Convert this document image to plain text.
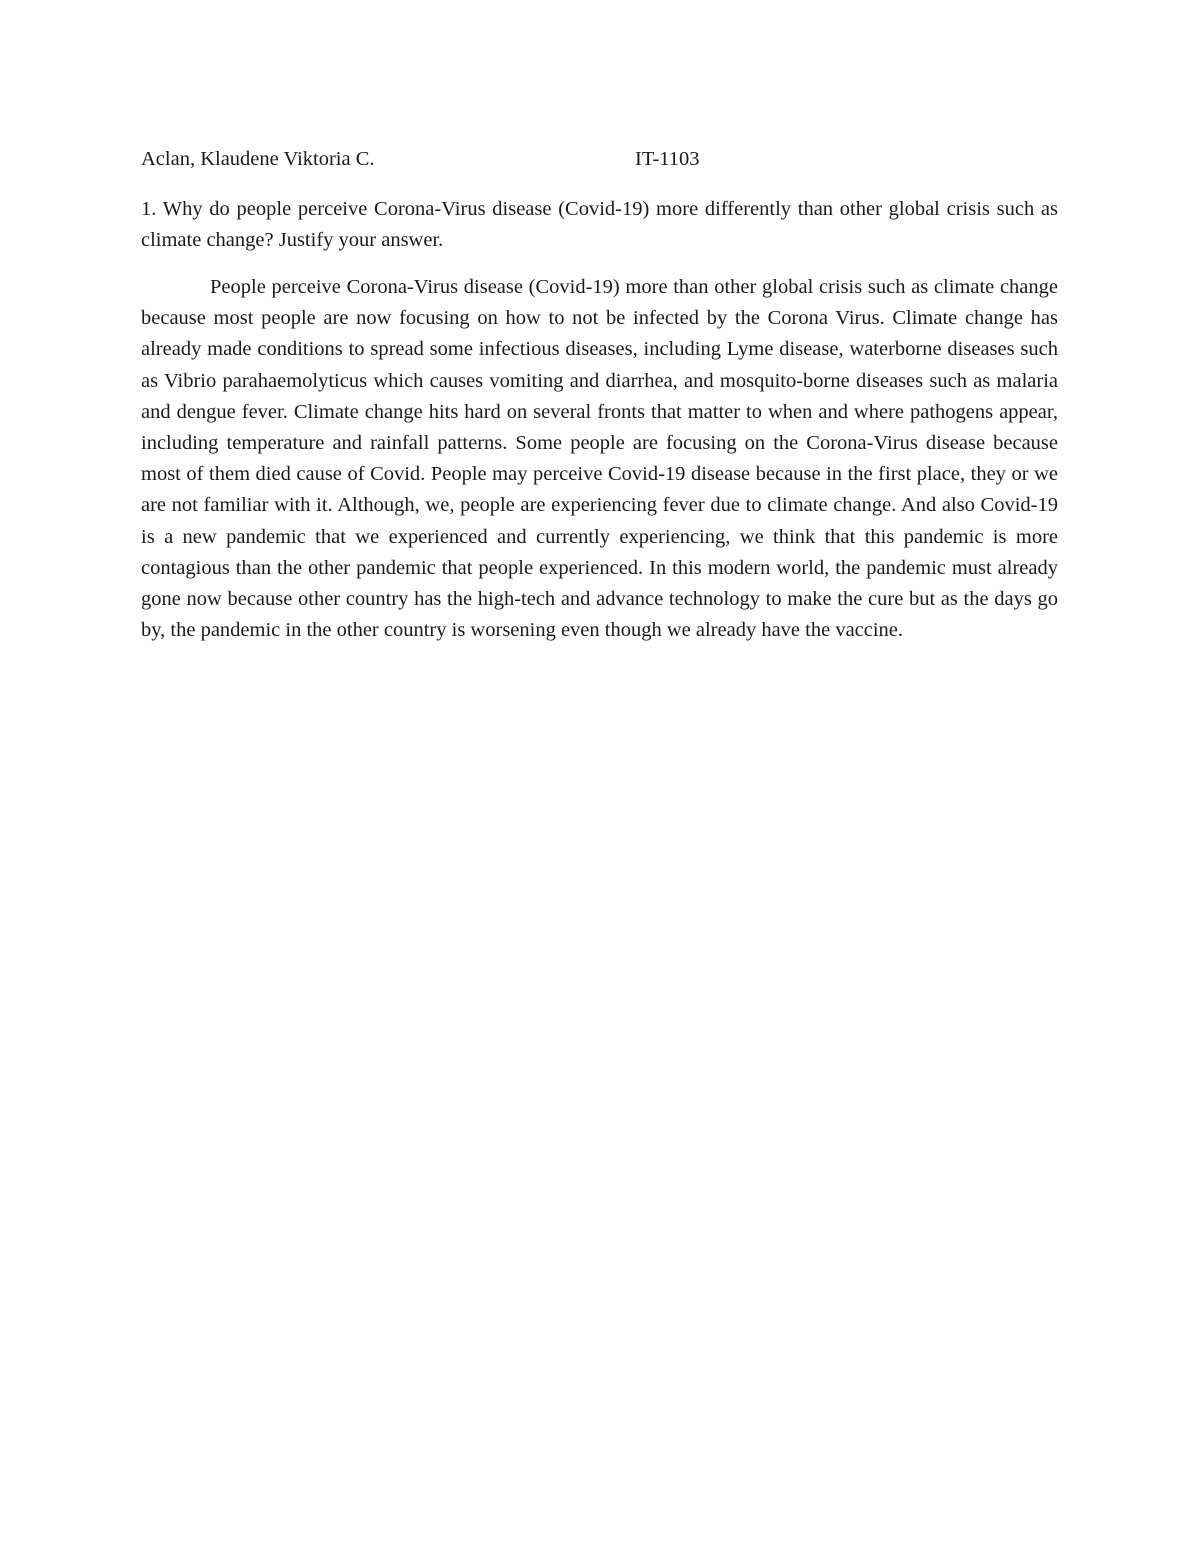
Aclan, Klaudene Viktoria C.	IT-1103

1. Why do people perceive Corona-Virus disease (Covid-19) more differently than other global crisis such as climate change? Justify your answer.

People perceive Corona-Virus disease (Covid-19) more than other global crisis such as climate change because most people are now focusing on how to not be infected by the Corona Virus. Climate change has already made conditions to spread some infectious diseases, including Lyme disease, waterborne diseases such as Vibrio parahaemolyticus which causes vomiting and diarrhea, and mosquito-borne diseases such as malaria and dengue fever. Climate change hits hard on several fronts that matter to when and where pathogens appear, including temperature and rainfall patterns. Some people are focusing on the Corona-Virus disease because most of them died cause of Covid. People may perceive Covid-19 disease because in the first place, they or we are not familiar with it. Although, we, people are experiencing fever due to climate change. And also Covid-19 is a new pandemic that we experienced and currently experiencing, we think that this pandemic is more contagious than the other pandemic that people experienced. In this modern world, the pandemic must already gone now because other country has the high-tech and advance technology to make the cure but as the days go by, the pandemic in the other country is worsening even though we already have the vaccine.
